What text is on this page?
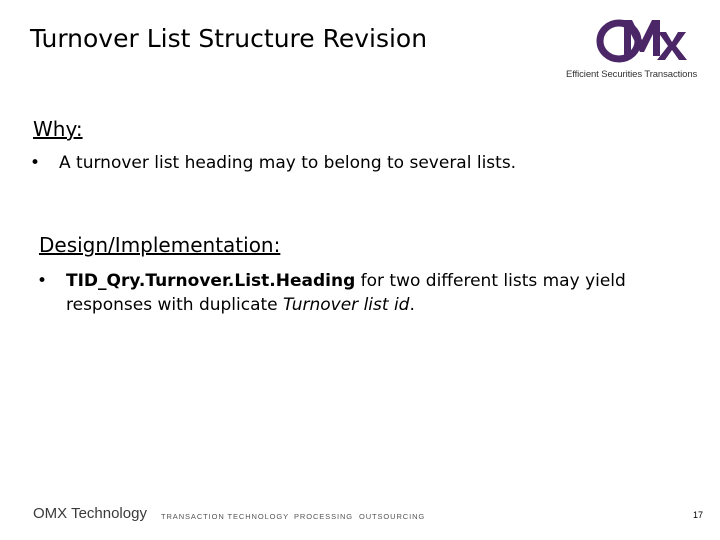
Turnover List Structure Revision
Efficient Securities Transactions
Why:
• A turnover list heading may to belong to several lists.
Design/Implementation:
• TID_Qry.Turnover.List.Heading for two different lists may yield responses with duplicate Turnover list id.
OMX Technology TRANSACTION TECHNOLOGY PROCESSING OUTSOURCING	17
